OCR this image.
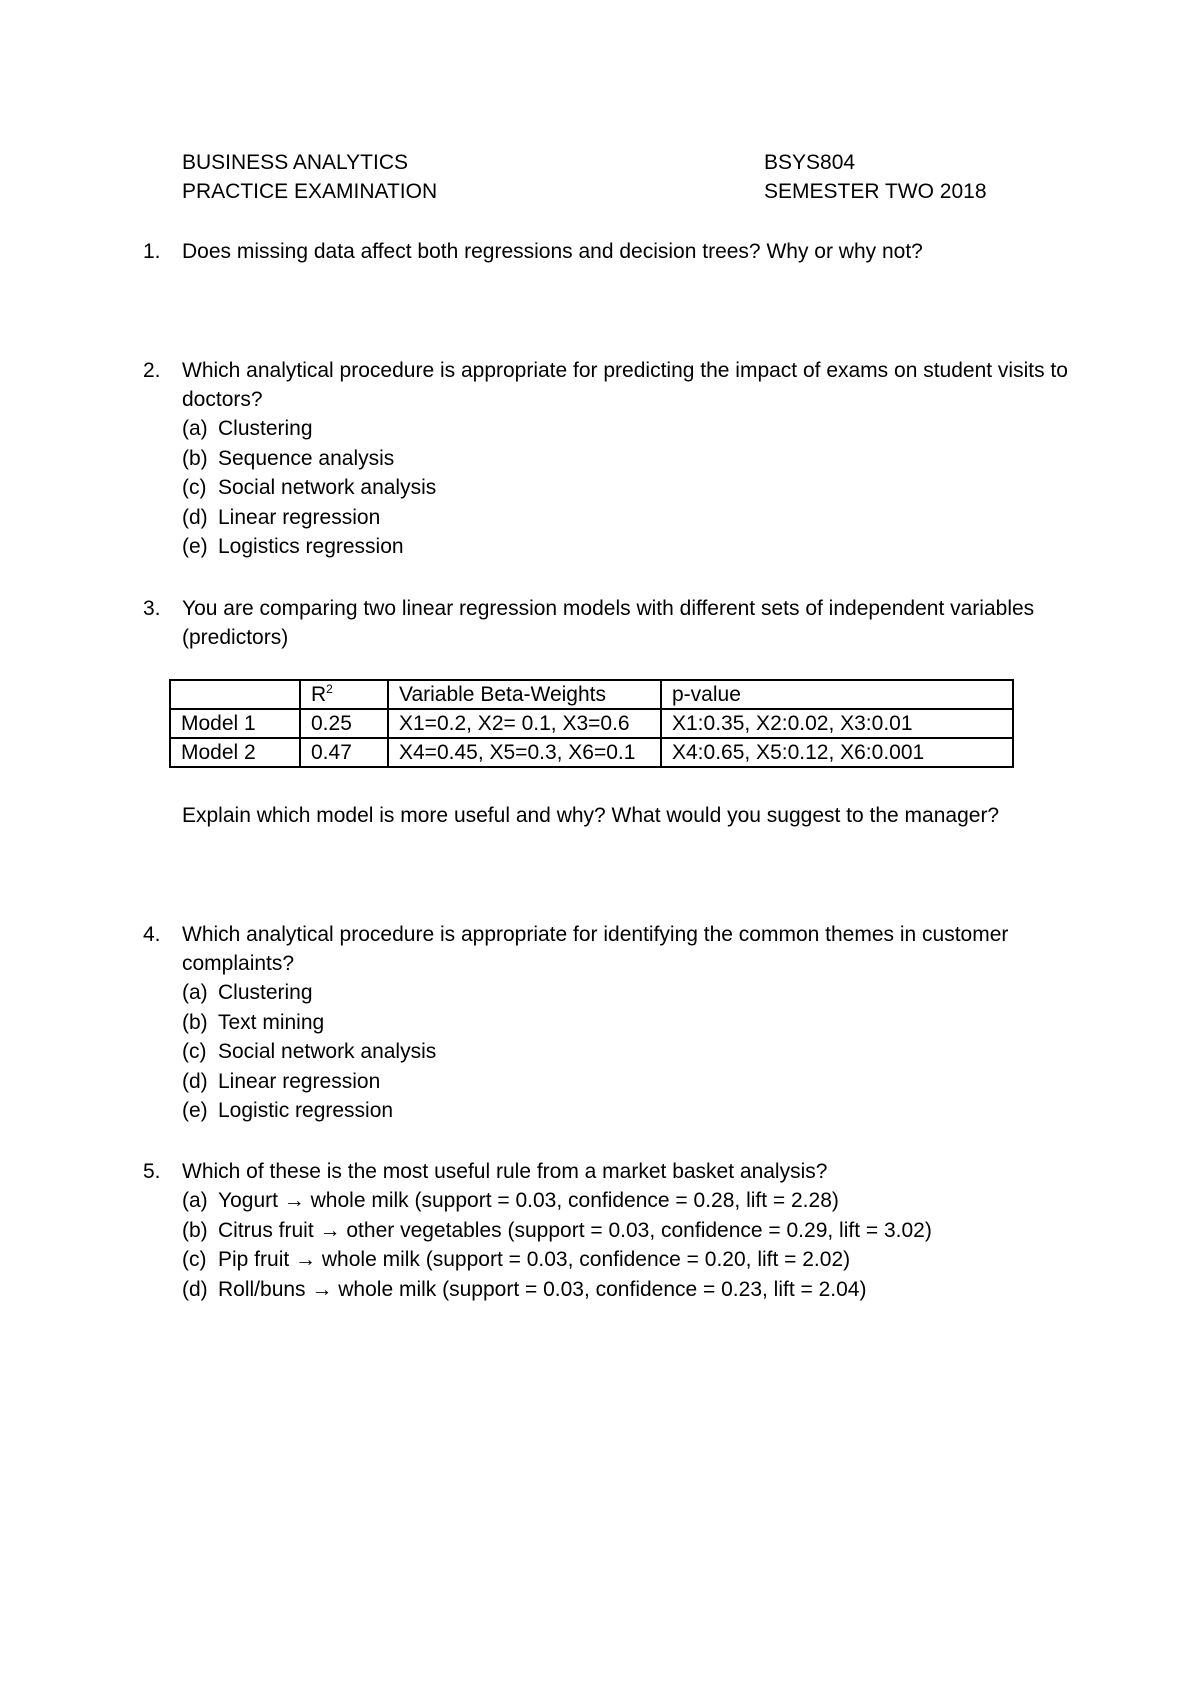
BUSINESS ANALYTICS
PRACTICE EXAMINATION
BSYS804
SEMESTER TWO 2018
1. Does missing data affect both regressions and decision trees? Why or why not?
2. Which analytical procedure is appropriate for predicting the impact of exams on student visits to doctors?
(a) Clustering
(b) Sequence analysis
(c) Social network analysis
(d) Linear regression
(e) Logistics regression
3. You are comparing two linear regression models with different sets of independent variables (predictors)
	$R^2$	Variable Beta-Weights	p-value
Model 1	0.25	X1=0.2, X2= 0.1, X3=0.6	X1:0.35, X2:0.02, X3:0.01
Model 2	0.47	X4=0.45, X5=0.3, X6=0.1	X4:0.65, X5:0.12, X6:0.001
Explain which model is more useful and why? What would you suggest to the manager?
4. Which analytical procedure is appropriate for identifying the common themes in customer complaints?
(a) Clustering
(b) Text mining
(c) Social network analysis
(d) Linear regression
(e) Logistic regression
5. Which of these is the most useful rule from a market basket analysis?
(a) Yogurt → whole milk (support = 0.03, confidence = 0.28, lift = 2.28)
(b) Citrus fruit → other vegetables (support = 0.03, confidence = 0.29, lift = 3.02)
(c) Pip fruit → whole milk (support = 0.03, confidence = 0.20, lift = 2.02)
(d) Roll/buns → whole milk (support = 0.03, confidence = 0.23, lift = 2.04)
